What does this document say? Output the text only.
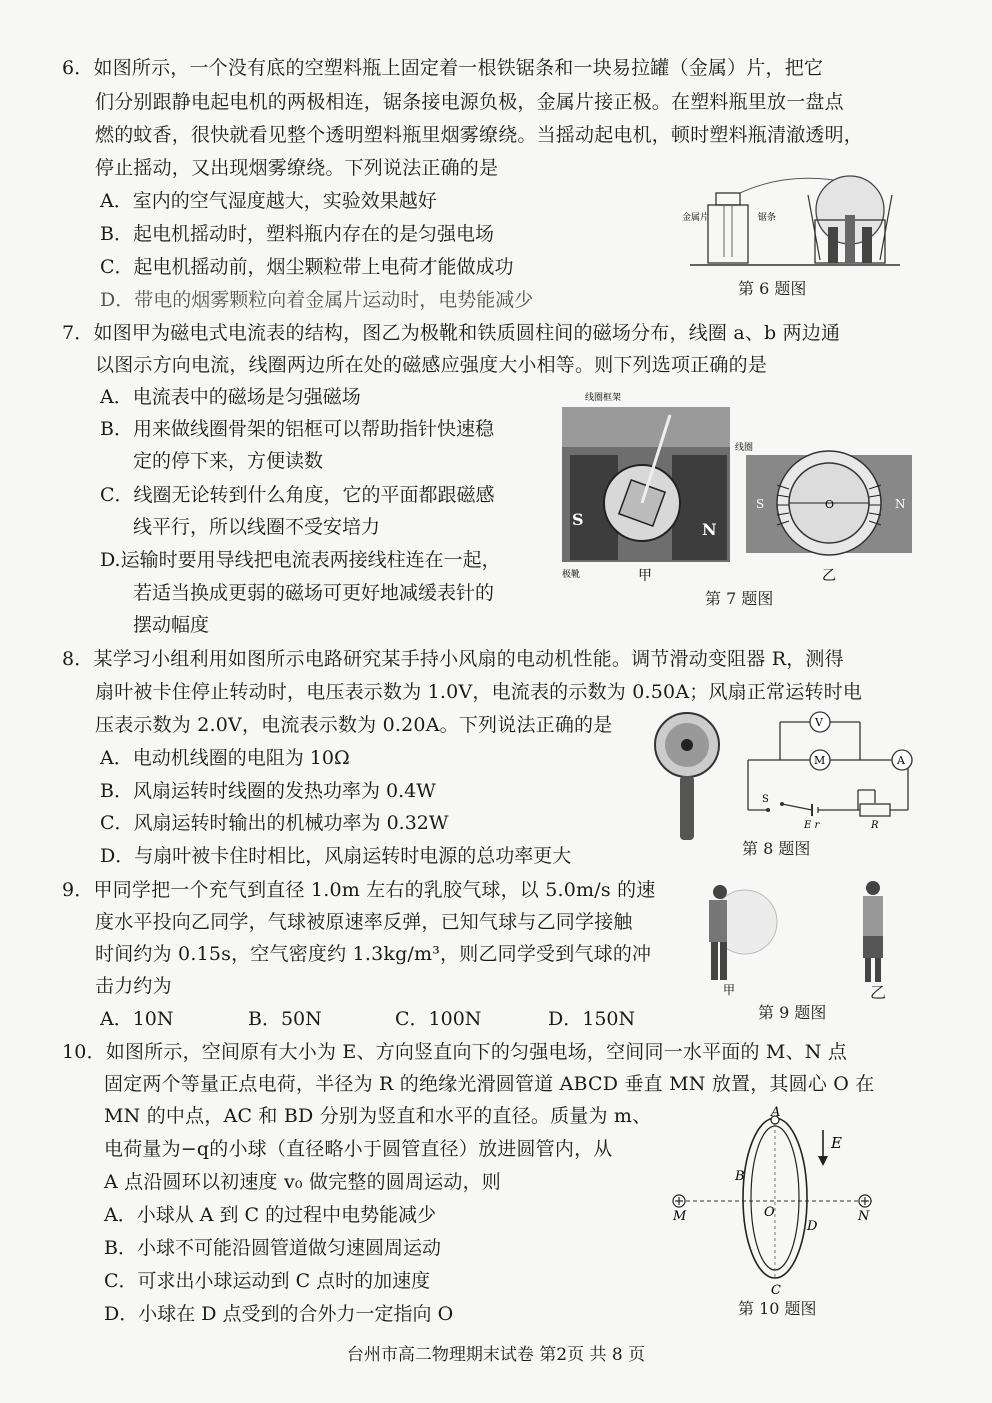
6．如图所示，一个没有底的空塑料瓶上固定着一根铁锯条和一块易拉罐（金属）片，把它
们分别跟静电起电机的两极相连，锯条接电源负极，金属片接正极。在塑料瓶里放一盘点
燃的蚊香，很快就看见整个透明塑料瓶里烟雾缭绕。当摇动起电机，顿时塑料瓶清澈透明，
停止摇动，又出现烟雾缭绕。下列说法正确的是
A．室内的空气湿度越大，实验效果越好
B．起电机摇动时，塑料瓶内存在的是匀强电场
C．起电机摇动前，烟尘颗粒带上电荷才能做成功
D．带电的烟雾颗粒向着金属片运动时，电势能减少
金属片	锯条
第 6 题图
7．如图甲为磁电式电流表的结构，图乙为极靴和铁质圆柱间的磁场分布，线圈 a、b 两边通
以图示方向电流，线圈两边所在处的磁感应强度大小相等。则下列选项正确的是
A．电流表中的磁场是匀强磁场
B．用来做线圈骨架的铝框可以帮助指针快速稳
定的停下来，方便读数
C．线圈无论转到什么角度，它的平面都跟磁感
线平行，所以线圈不受安培力
D.运输时要用导线把电流表两接线柱连在一起，
若适当换成更弱的磁场可更好地减缓表针的
摆动幅度
S
N
线圈框架
极靴
线圈
甲
S	N
O
乙
第 7 题图
8．某学习小组利用如图所示电路研究某手持小风扇的电动机性能。调节滑动变阻器 R，测得
扇叶被卡住停止转动时，电压表示数为 1.0V，电流表的示数为 0.50A；风扇正常运转时电
压表示数为 2.0V，电流表示数为 0.20A。下列说法正确的是
A．电动机线圈的电阻为 10Ω
B．风扇运转时线圈的发热功率为 0.4W
C．风扇运转时输出的机械功率为 0.32W
D．与扇叶被卡住时相比，风扇运转时电源的总功率更大
V
M	A
S
E r	R
第 8 题图
9．甲同学把一个充气到直径 1.0m 左右的乳胶气球，以 5.0m/s 的速
度水平投向乙同学，气球被原速率反弹，已知气球与乙同学接触
时间约为 0.15s，空气密度约 1.3kg/m³，则乙同学受到气球的冲
击力约为
A．10N	B．50N	C．100N	D．150N
甲
第 9 题图
乙
10．如图所示，空间原有大小为 E、方向竖直向下的匀强电场，空间同一水平面的 M、N 点
固定两个等量正点电荷，半径为 R 的绝缘光滑圆管道 ABCD 垂直 MN 放置，其圆心 O 在
MN 的中点，AC 和 BD 分别为竖直和水平的直径。质量为 m、
电荷量为−q的小球（直径略小于圆管直径）放进圆管内，从
A 点沿圆环以初速度 v₀ 做完整的圆周运动，则
A．小球从 A 到 C 的过程中电势能减少
B．小球不可能沿圆管道做匀速圆周运动
C．可求出小球运动到 C 点时的加速度
D．小球在 D 点受到的合外力一定指向 O
A
B
C
D
O
M	N
E
第 10 题图
台州市高二物理期末试卷 第2页 共 8 页
